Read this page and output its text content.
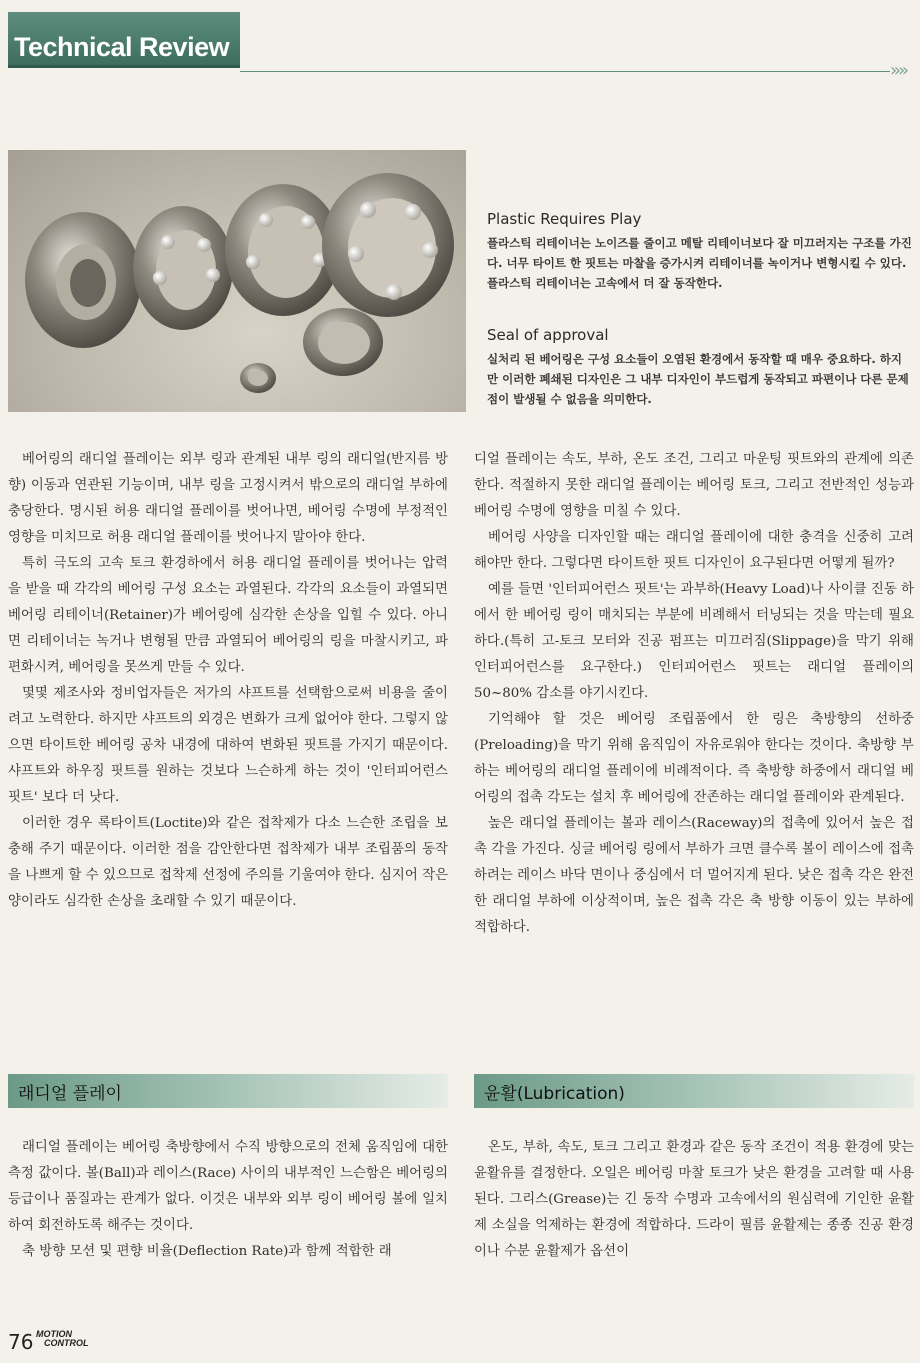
Technical Review
»»
Plastic Requires Play
플라스틱 리테이너는 노이즈를 줄이고 메탈 리테이너보다 잘 미끄러지는 구조를 가진다. 너무 타이트 한 핏트는 마찰을 증가시켜 리테이너를 녹이거나 변형시킬 수 있다. 플라스틱 리테이너는 고속에서 더 잘 동작한다.
Seal of approval
실처리 된 베어링은 구성 요소들이 오염된 환경에서 동작할 때 매우 중요하다. 하지만 이러한 폐쇄된 디자인은 그 내부 디자인이 부드럽게 동작되고 파편이나 다른 문제점이 발생될 수 없음을 의미한다.

베어링의 래디얼 플레이는 외부 링과 관계된 내부 링의 래디얼(반지름 방향) 이동과 연관된 기능이며, 내부 링을 고정시켜서 밖으로의 래디얼 부하에 충당한다. 명시된 허용 래디얼 플레이를 벗어나면, 베어링 수명에 부정적인 영향을 미치므로 허용 래디얼 플레이를 벗어나지 말아야 한다.

특히 극도의 고속 토크 환경하에서 허용 래디얼 플레이를 벗어나는 압력을 받을 때 각각의 베어링 구성 요소는 과열된다. 각각의 요소들이 과열되면 베어링 리테이너(Retainer)가 베어링에 심각한 손상을 입힐 수 있다. 아니면 리테이너는 녹거나 변형될 만큼 과열되어 베어링의 링을 마찰시키고, 파편화시켜, 베어링을 못쓰게 만들 수 있다.

몇몇 제조사와 정비업자들은 저가의 샤프트를 선택함으로써 비용을 줄이려고 노력한다. 하지만 샤프트의 외경은 변화가 크게 없어야 한다. 그렇지 않으면 타이트한 베어링 공차 내경에 대하여 변화된 핏트를 가지기 때문이다. 샤프트와 하우징 핏트를 원하는 것보다 느슨하게 하는 것이 '인터피어런스 핏트' 보다 더 낫다.

이러한 경우 록타이트(Loctite)와 같은 접착제가 다소 느슨한 조립을 보충해 주기 때문이다. 이러한 점을 감안한다면 접착제가 내부 조립품의 동작을 나쁘게 할 수 있으므로 접착제 선정에 주의를 기울여야 한다. 심지어 작은 양이라도 심각한 손상을 초래할 수 있기 때문이다.

디얼 플레이는 속도, 부하, 온도 조건, 그리고 마운팅 핏트와의 관계에 의존한다. 적절하지 못한 래디얼 플레이는 베어링 토크, 그리고 전반적인 성능과 베어링 수명에 영향을 미칠 수 있다.

베어링 사양을 디자인할 때는 래디얼 플레이에 대한 충격을 신중히 고려해야만 한다. 그렇다면 타이트한 핏트 디자인이 요구된다면 어떻게 될까?

예를 들면 '인터피어런스 핏트'는 과부하(Heavy Load)나 사이클 진동 하에서 한 베어링 링이 매치되는 부분에 비례해서 터닝되는 것을 막는데 필요하다.(특히 고-토크 모터와 진공 펌프는 미끄러짐(Slippage)을 막기 위해 인터피어런스를 요구한다.) 인터피어런스 핏트는 래디얼 플레이의 50~80% 감소를 야기시킨다.

기억해야 할 것은 베어링 조립품에서 한 링은 축방향의 선하중(Preloading)을 막기 위해 움직임이 자유로워야 한다는 것이다. 축방향 부하는 베어링의 래디얼 플레이에 비례적이다. 즉 축방향 하중에서 래디얼 베어링의 접촉 각도는 설치 후 베어링에 잔존하는 래디얼 플레이와 관계된다.

높은 래디얼 플레이는 볼과 레이스(Raceway)의 접촉에 있어서 높은 접촉 각을 가진다. 싱글 베어링 링에서 부하가 크면 클수록 볼이 레이스에 접촉하려는 레이스 바닥 면이나 중심에서 더 멀어지게 된다. 낮은 접촉 각은 완전한 래디얼 부하에 이상적이며, 높은 접촉 각은 축 방향 이동이 있는 부하에 적합하다.

래디얼 플레이	윤활(Lubrication)

래디얼 플레이는 베어링 축방향에서 수직 방향으로의 전체 움직임에 대한 측정 값이다. 볼(Ball)과 레이스(Race) 사이의 내부적인 느슨함은 베어링의 등급이나 품질과는 관계가 없다. 이것은 내부와 외부 링이 베어링 볼에 일치하여 회전하도록 해주는 것이다.

축 방향 모션 및 편향 비율(Deflection Rate)과 함께 적합한 래

온도, 부하, 속도, 토크 그리고 환경과 같은 동작 조건이 적용 환경에 맞는 윤활유를 결정한다. 오일은 베어링 마찰 토크가 낮은 환경을 고려할 때 사용된다. 그리스(Grease)는 긴 동작 수명과 고속에서의 원심력에 기인한 윤활제 소실을 억제하는 환경에 적합하다. 드라이 필름 윤활제는 종종 진공 환경이나 수분 윤활제가 옵션이

76 MOTION
CONTROL
